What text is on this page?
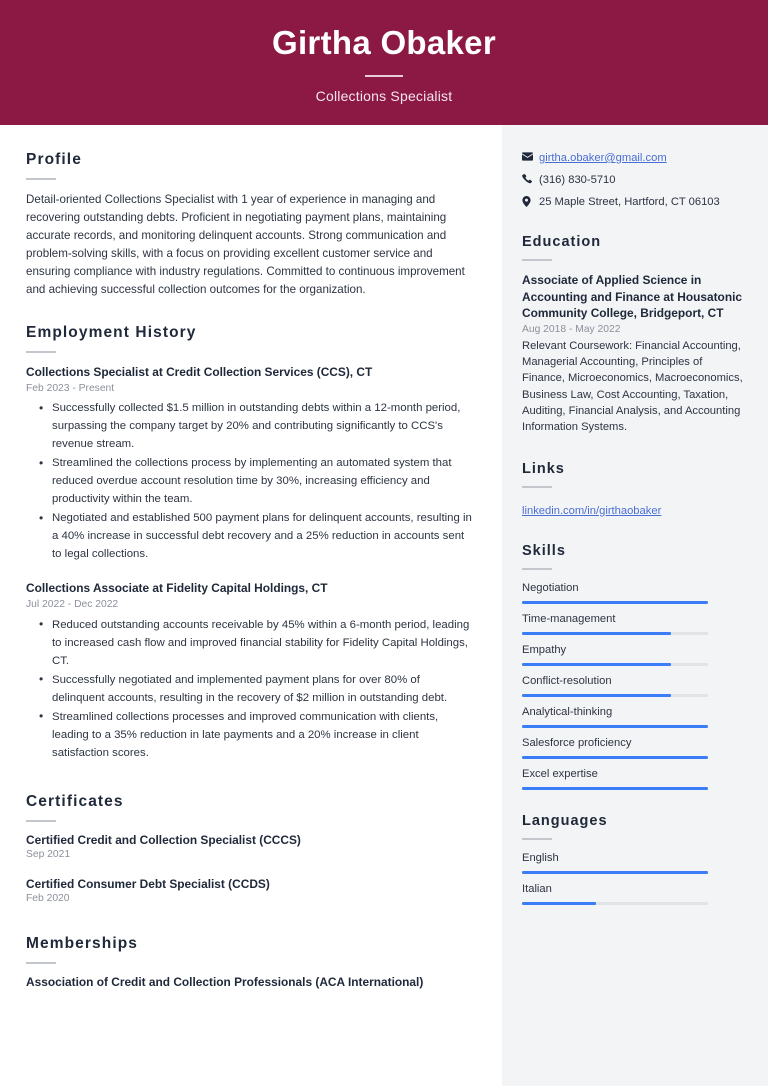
Girtha Obaker
Collections Specialist
Profile
Detail-oriented Collections Specialist with 1 year of experience in managing and recovering outstanding debts. Proficient in negotiating payment plans, maintaining accurate records, and monitoring delinquent accounts. Strong communication and problem-solving skills, with a focus on providing excellent customer service and ensuring compliance with industry regulations. Committed to continuous improvement and achieving successful collection outcomes for the organization.
Employment History
Collections Specialist at Credit Collection Services (CCS), CT
Feb 2023 - Present
• Successfully collected $1.5 million in outstanding debts within a 12-month period, surpassing the company target by 20% and contributing significantly to CCS's revenue stream.
• Streamlined the collections process by implementing an automated system that reduced overdue account resolution time by 30%, increasing efficiency and productivity within the team.
• Negotiated and established 500 payment plans for delinquent accounts, resulting in a 40% increase in successful debt recovery and a 25% reduction in accounts sent to legal collections.
Collections Associate at Fidelity Capital Holdings, CT
Jul 2022 - Dec 2022
• Reduced outstanding accounts receivable by 45% within a 6-month period, leading to increased cash flow and improved financial stability for Fidelity Capital Holdings, CT.
• Successfully negotiated and implemented payment plans for over 80% of delinquent accounts, resulting in the recovery of $2 million in outstanding debt.
• Streamlined collections processes and improved communication with clients, leading to a 35% reduction in late payments and a 20% increase in client satisfaction scores.
Certificates
Certified Credit and Collection Specialist (CCCS)
Sep 2021
Certified Consumer Debt Specialist (CCDS)
Feb 2020
Memberships
Association of Credit and Collection Professionals (ACA International)
girtha.obaker@gmail.com
(316) 830-5710
25 Maple Street, Hartford, CT 06103
Education
Associate of Applied Science in Accounting and Finance at Housatonic Community College, Bridgeport, CT
Aug 2018 - May 2022
Relevant Coursework: Financial Accounting, Managerial Accounting, Principles of Finance, Microeconomics, Macroeconomics, Business Law, Cost Accounting, Taxation, Auditing, Financial Analysis, and Accounting Information Systems.
Links
linkedin.com/in/girthaobaker
Skills
Negotiation
Time-management
Empathy
Conflict-resolution
Analytical-thinking
Salesforce proficiency
Excel expertise
Languages
English
Italian
